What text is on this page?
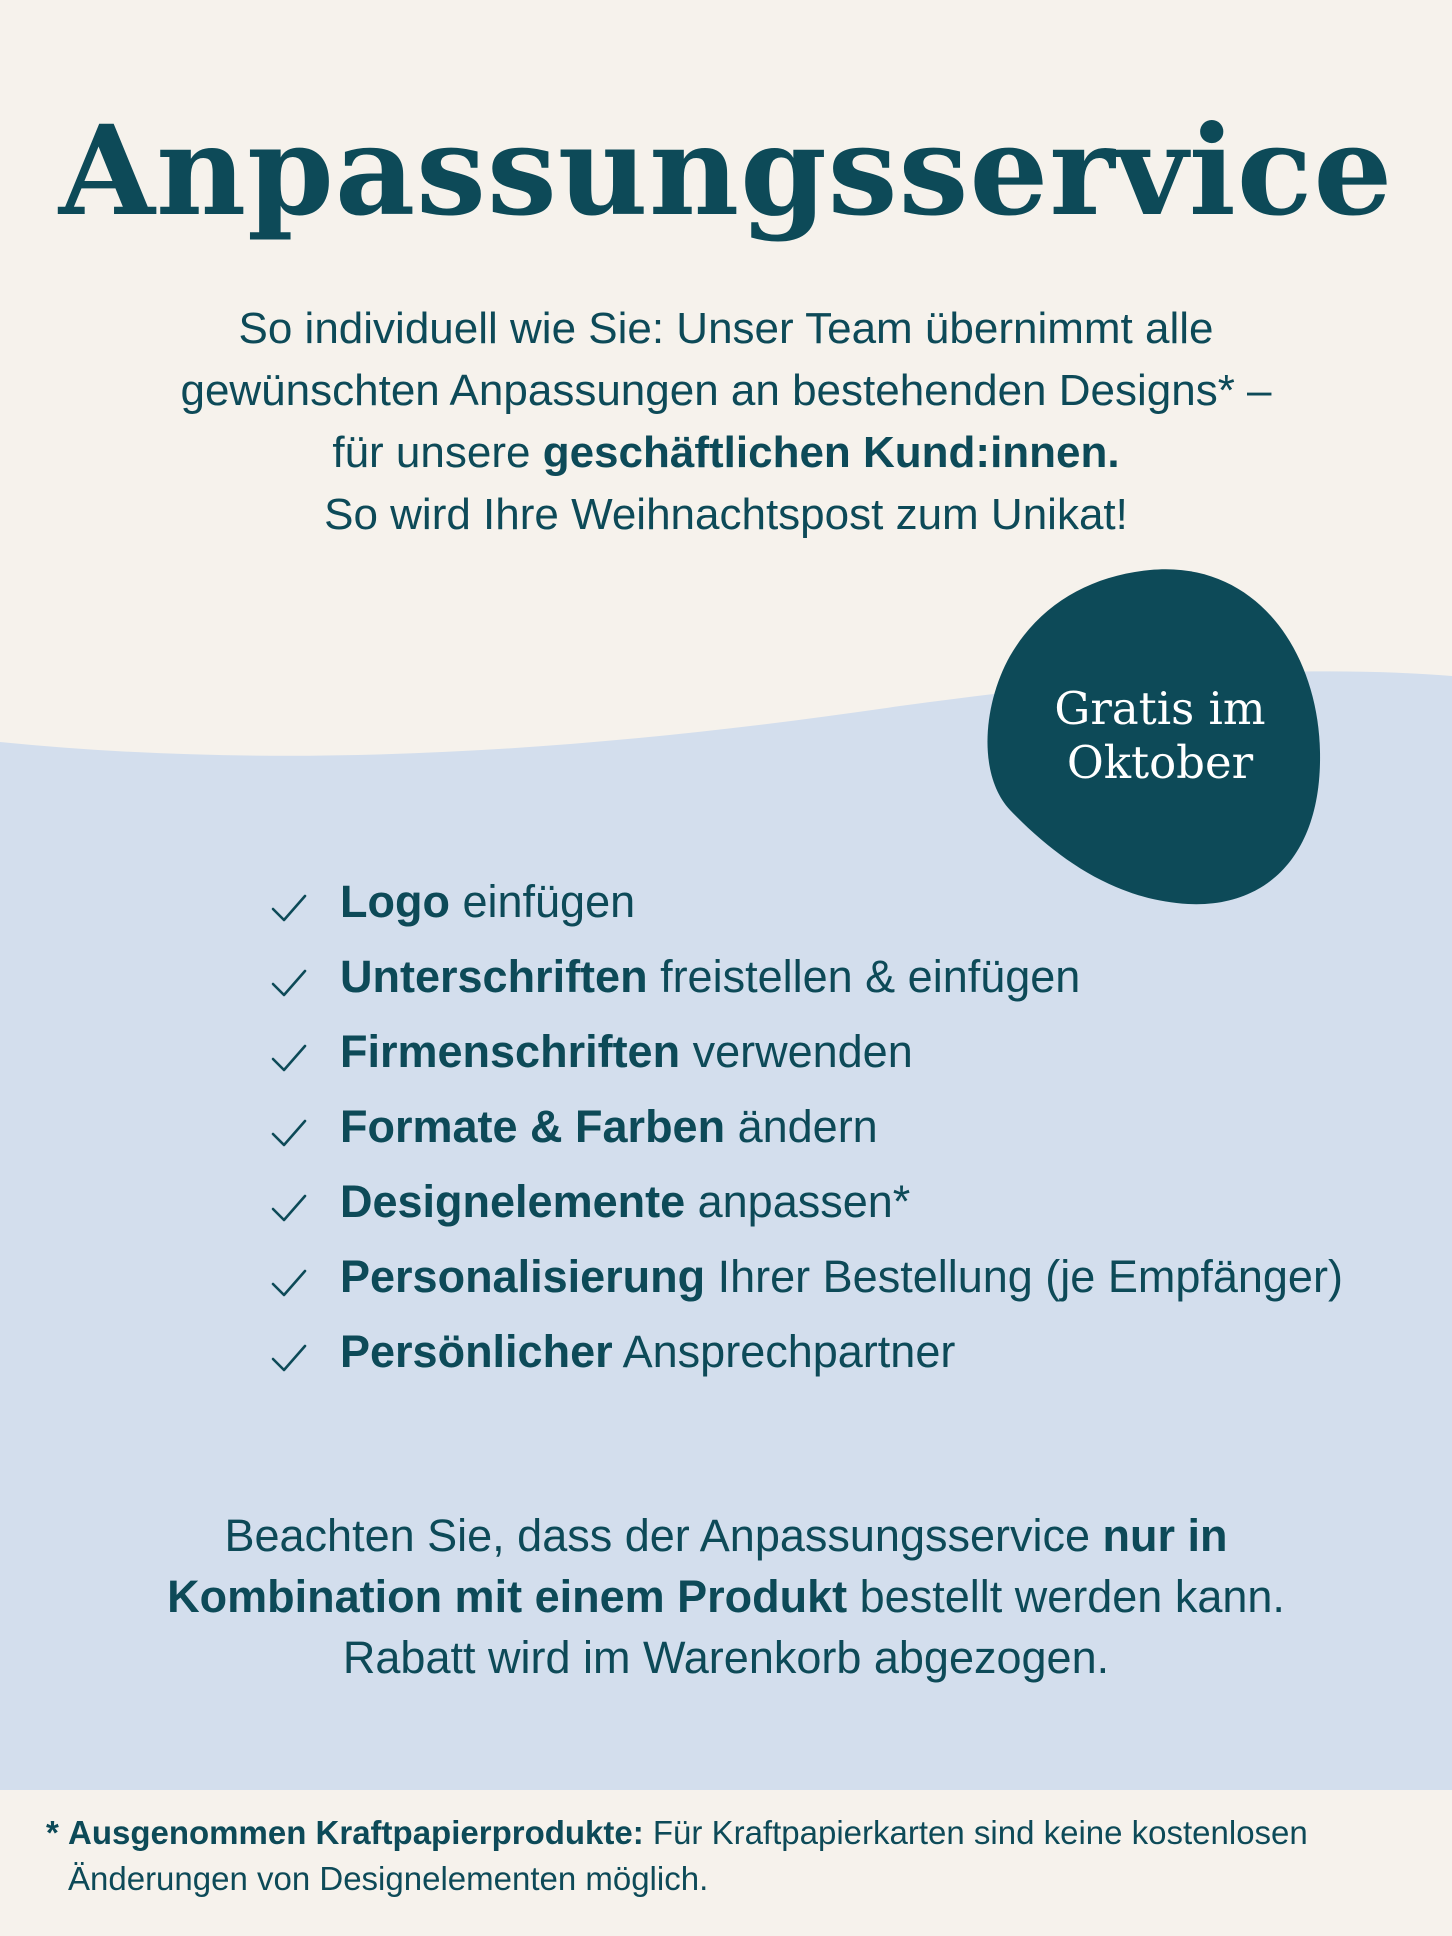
Anpassungsservice
So individuell wie Sie: Unser Team übernimmt alle
gewünschten Anpassungen an bestehenden Designs* –
für unsere geschäftlichen Kund:innen.
So wird Ihre Weihnachtspost zum Unikat!
Gratis im
Oktober
Logo einfügen
Unterschriften freistellen & einfügen
Firmenschriften verwenden
Formate & Farben ändern
Designelemente anpassen*
Personalisierung Ihrer Bestellung (je Empfänger)
Persönlicher Ansprechpartner
Beachten Sie, dass der Anpassungsservice nur in
Kombination mit einem Produkt bestellt werden kann.
Rabatt wird im Warenkorb abgezogen.
* Ausgenommen Kraftpapierprodukte: Für Kraftpapierkarten sind keine kostenlosen
Änderungen von Designelementen möglich.
